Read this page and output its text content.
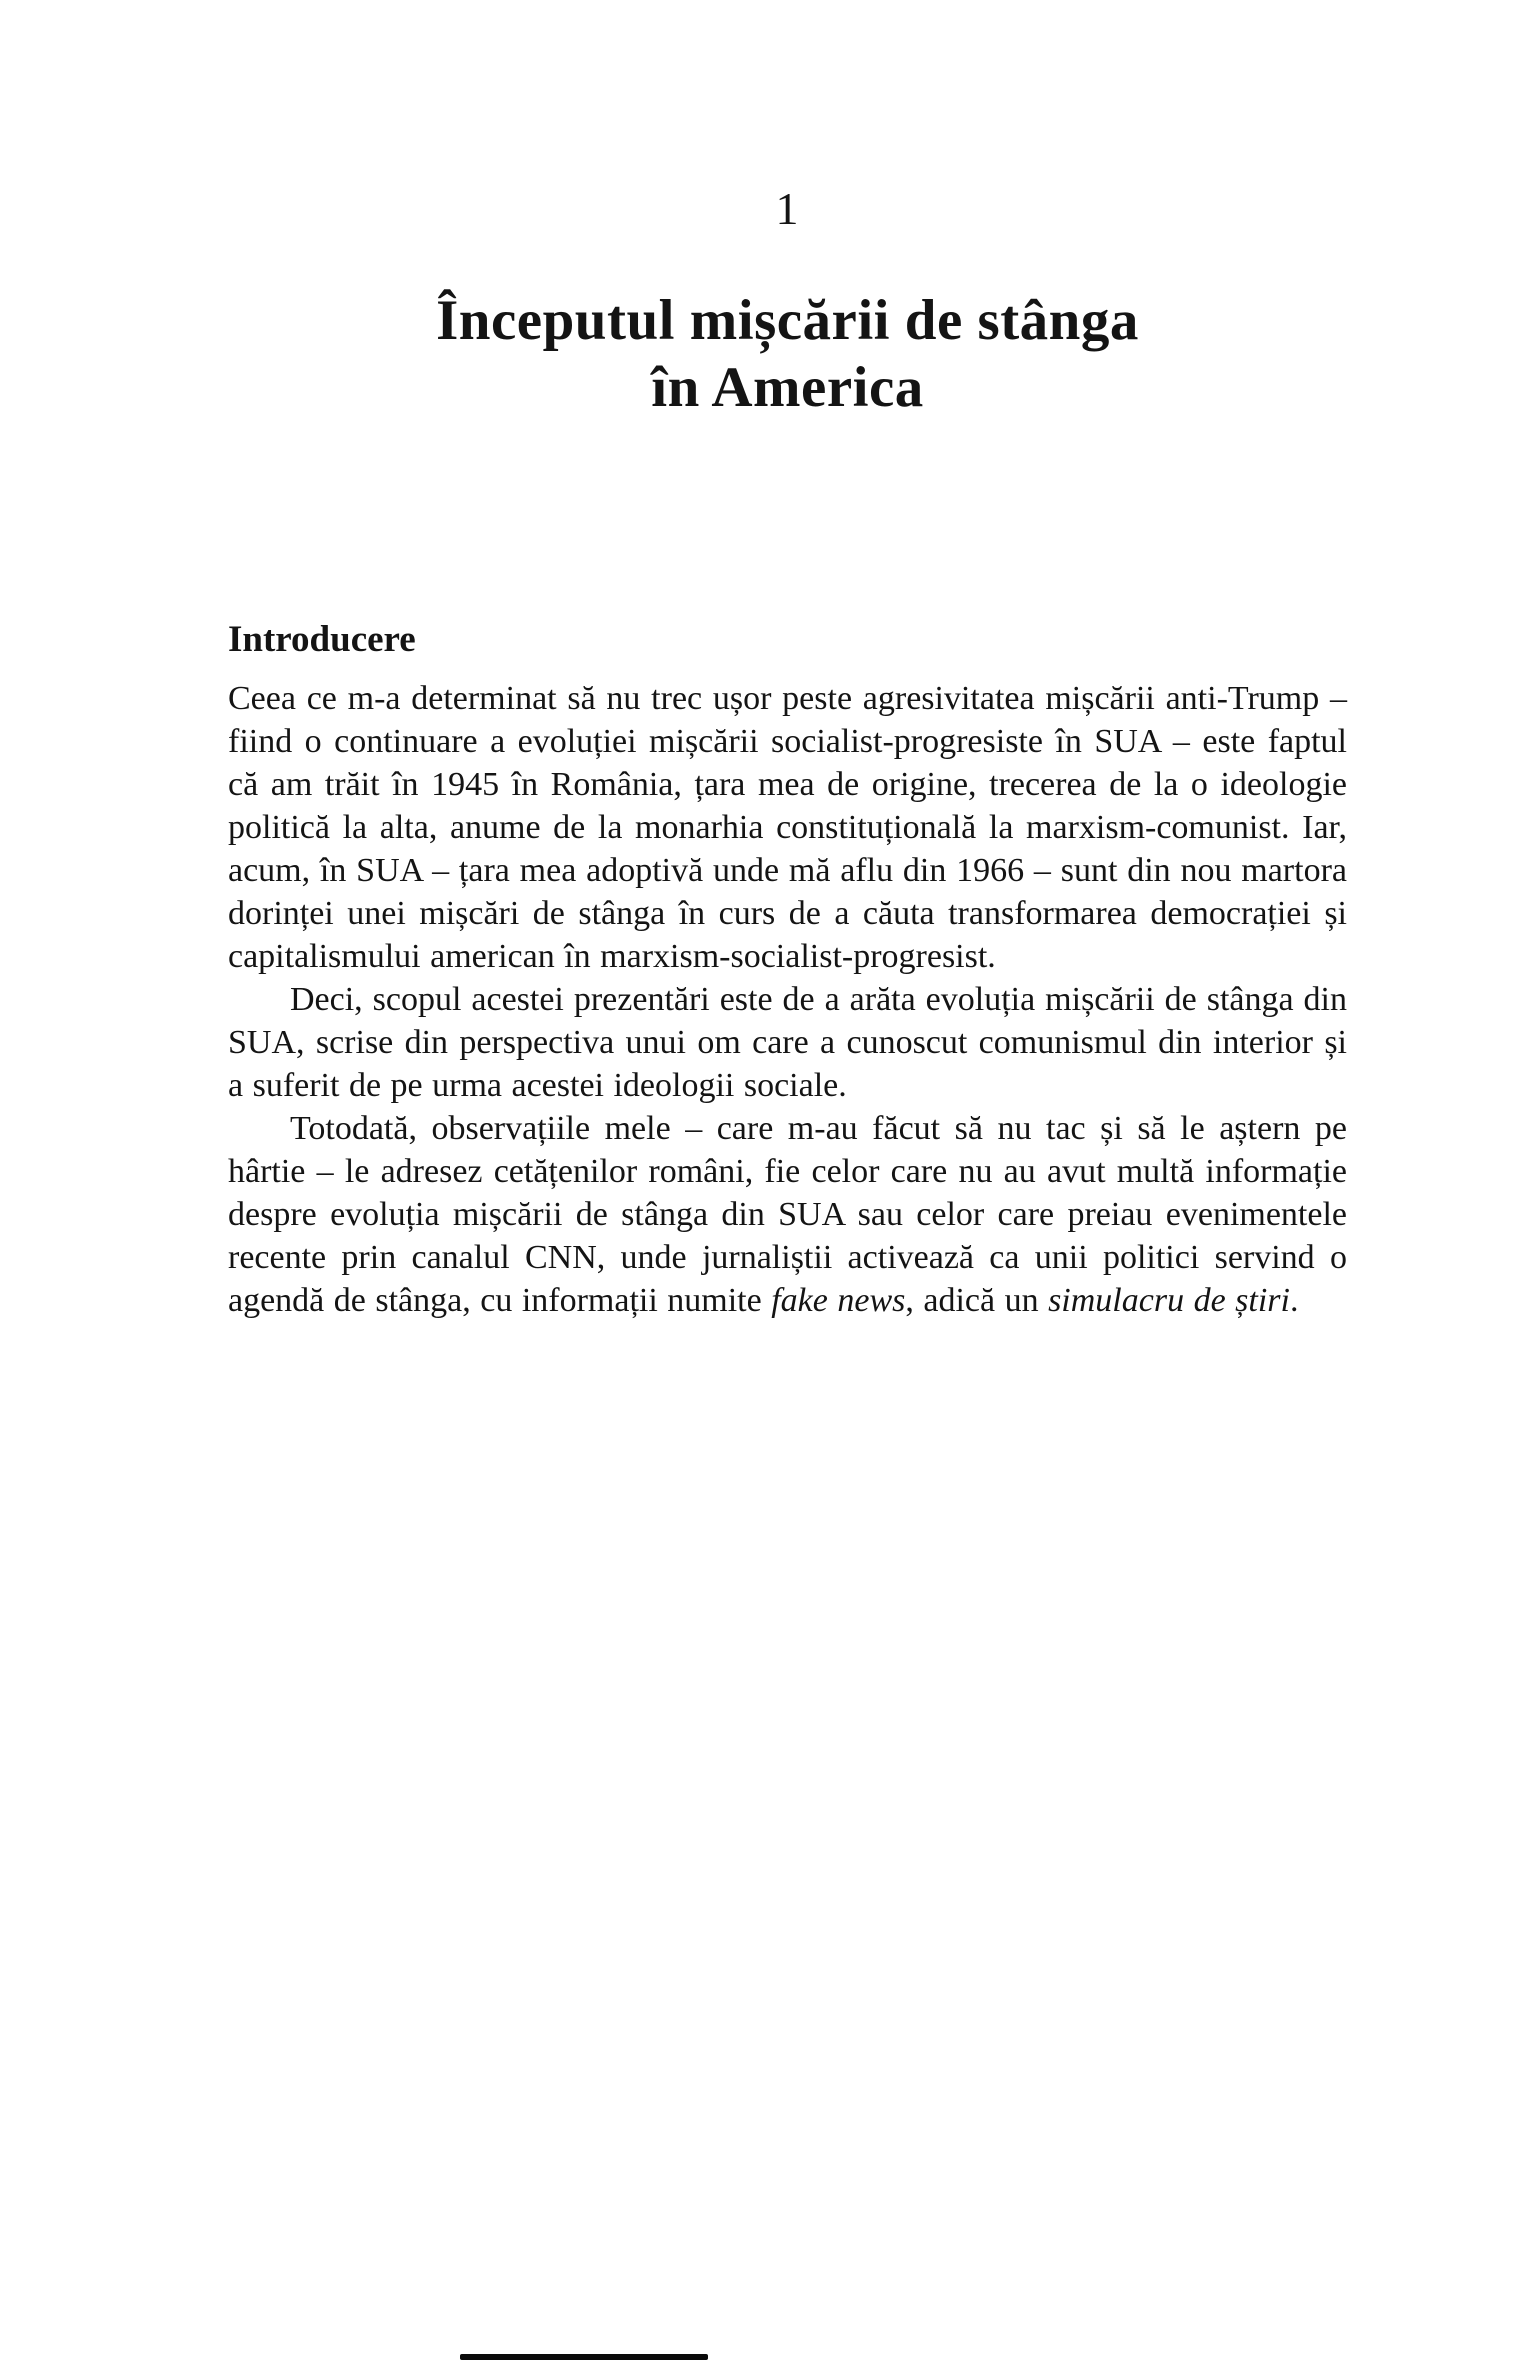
1
Începutul mișcării de stânga
în America
Introducere

Ceea ce m-a determinat să nu trec ușor peste agresivitatea mișcării anti-Trump – fiind o continuare a evoluției mișcării socialist-progresiste în SUA – este faptul că am trăit în 1945 în România, țara mea de origine, trecerea de la o ideologie politică la alta, anume de la monarhia constituțională la marxism-comunist. Iar, acum, în SUA – țara mea adoptivă unde mă aflu din 1966 – sunt din nou martora dorinței unei mișcări de stânga în curs de a căuta transformarea democrației și capitalismului american în marxism-socialist-progresist.

Deci, scopul acestei prezentări este de a arăta evoluția mișcării de stânga din SUA, scrise din perspectiva unui om care a cunoscut comunismul din interior și a suferit de pe urma acestei ideologii sociale.

Totodată, observațiile mele – care m-au făcut să nu tac și să le aștern pe hârtie – le adresez cetățenilor români, fie celor care nu au avut multă informație despre evoluția mișcării de stânga din SUA sau celor care preiau evenimentele recente prin canalul CNN, unde jurnaliștii activează ca unii politici servind o agendă de stânga, cu informații numite fake news, adică un simulacru de știri.
